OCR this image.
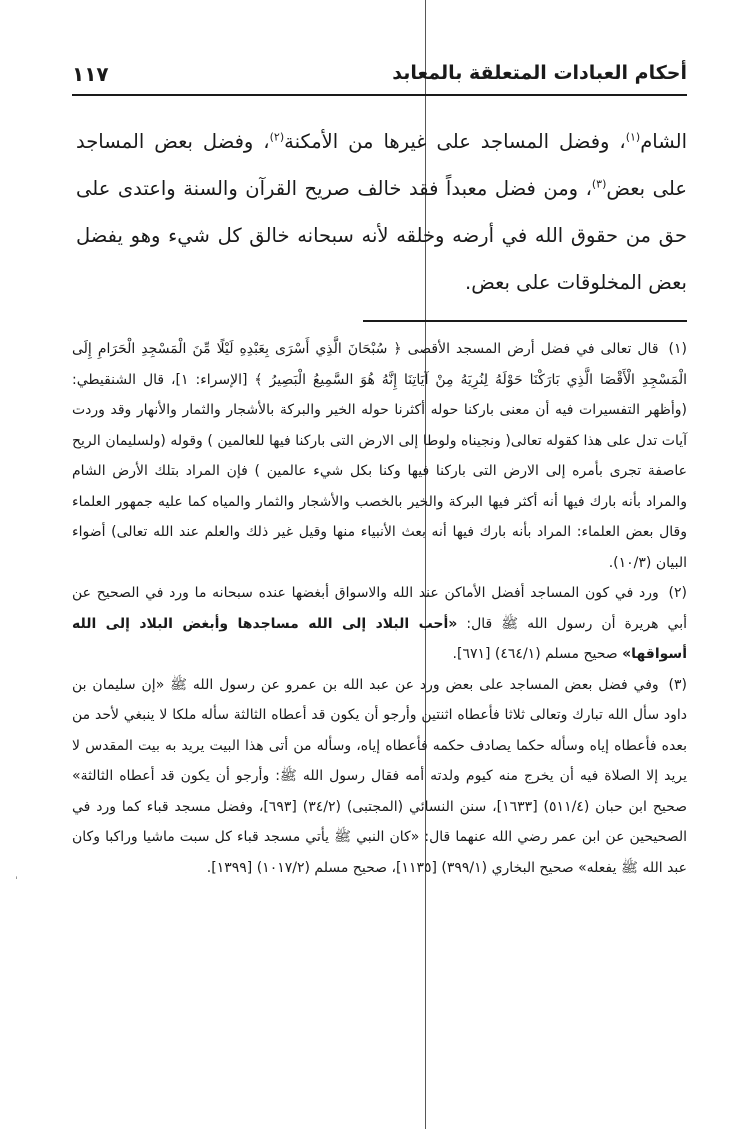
أحكام العبادات المتعلقة بالمعابد
١١٧
الشام$^{(١)}$، وفضل المساجد على غيرها من الأمكنة$^{(٢)}$، وفضل بعض المساجد على بعض$^{(٣)}$، ومن فضل معبداً فقد خالف صريح القرآن والسنة واعتدى على حق من حقوق الله في أرضه وخلقه لأنه سبحانه خالق كل شيء وهو يفضل بعض المخلوقات على بعض.

(١) قال تعالى في فضل أرض المسجد الأقصى ﴿ سُبْحَانَ الَّذِي أَسْرَى بِعَبْدِهِ لَيْلًا مِّنَ الْمَسْجِدِ الْحَرَامِ إِلَى الْمَسْجِدِ الْأَقْصَا الَّذِي بَارَكْنَا حَوْلَهُ لِنُرِيَهُ مِنْ آيَاتِنَا إِنَّهُ هُوَ السَّمِيعُ الْبَصِيرُ ﴾ [الإسراء: ١]، قال الشنقيطي: (وأظهر التفسيرات فيه أن معنى باركنا حوله أكثرنا حوله الخير والبركة بالأشجار والثمار والأنهار وقد وردت آيات تدل على هذا كقوله تعالى( ونجيناه ولوطا إلى الارض التى باركنا فيها للعالمين ) وقوله (ولسليمان الريح عاصفة تجرى بأمره إلى الارض التى باركنا فيها وكنا بكل شيء عالمين ) فإن المراد بتلك الأرض الشام والمراد بأنه بارك فيها أنه أكثر فيها البركة والخير بالخصب والأشجار والثمار والمياه كما عليه جمهور العلماء وقال بعض العلماء: المراد بأنه بارك فيها أنه بعث الأنبياء منها وقيل غير ذلك والعلم عند الله تعالى) أضواء البيان (١٠/٣).

(٢) ورد في كون المساجد أفضل الأماكن عند الله والاسواق أبغضها عنده سبحانه ما ورد في الصحيح عن أبي هريرة أن رسول الله ﷺ قال: «أحب البلاد إلى الله مساجدها وأبغض البلاد إلى الله أسواقها» صحيح مسلم (٤٦٤/١) [٦٧١].

(٣) وفي فضل بعض المساجد على بعض ورد عن عبد الله بن عمرو عن رسول الله ﷺ «إن سليمان بن داود سأل الله تبارك وتعالى ثلاثا فأعطاه اثنتين وأرجو أن يكون قد أعطاه الثالثة سأله ملكا لا ينبغي لأحد من بعده فأعطاه إياه وسأله حكما يصادف حكمه فأعطاه إياه، وسأله من أتى هذا البيت يريد به بيت المقدس لا يريد إلا الصلاة فيه أن يخرج منه كيوم ولدته أمه فقال رسول الله ﷺ: وأرجو أن يكون قد أعطاه الثالثة» صحيح ابن حبان (٥١١/٤) [١٦٣٣]، سنن النسائي (المجتبى) (٣٤/٢) [٦٩٣]، وفضل مسجد قباء كما ورد في الصحيحين عن ابن عمر رضي الله عنهما قال: «كان النبي ﷺ يأتي مسجد قباء كل سبت ماشيا وراكبا وكان عبد الله ﷺ يفعله» صحيح البخاري (٣٩٩/١) [١١٣٥]، صحيح مسلم (١٠١٧/٢) [١٣٩٩].

ˈ
